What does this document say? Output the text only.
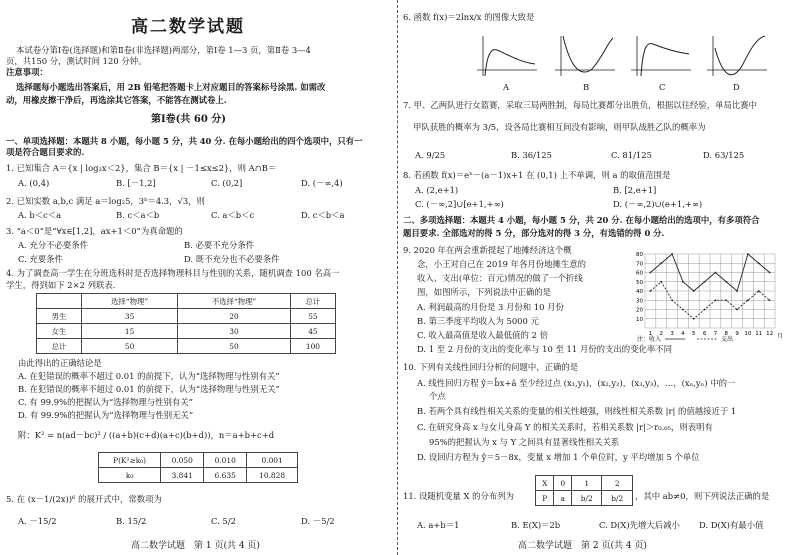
高二数学试题
本试卷分第Ⅰ卷(选择题)和第Ⅱ卷(非选择题)两部分，第Ⅰ卷 1—3 页，第Ⅱ卷 3—4
页，共150 分，测试时间 120 分钟。
注意事项：
选择题每小题选出答案后，用 2B 铅笔把答题卡上对应题目的答案标号涂黑. 如需改
动，用橡皮擦干净后，再选涂其它答案，不能答在测试卷上.
第Ⅰ卷(共 60 分)
一、单项选择题：本题共 8 小题，每小题 5 分，共 40 分. 在每小题给出的四个选项中，只有一
项是符合题目要求的.
1. 已知集合 A＝{x | log₂x＜2}，集合 B＝{x | －1≤x≤2}，则 A∩B＝
A. (0,4)	B. [－1,2]	C. (0,2]	D. (－∞,4)
2. 已知实数 a,b,c 满足 a＝log₂5，3ᵇ＝4.3，√3，则
A. b＜c＜a	B. c＜a＜b	C. a＜b＜c	D. c＜b＜a
3. “a＜0”是“∀x∈[1,2]，ax+1＜0”为真命题的
A. 充分不必要条件	B. 必要不充分条件
C. 充要条件	D. 既不充分也不必要条件
4. 为了调查高一学生在分班选科时是否选择物理科目与性别的关系，随机调查 100 名高一
学生，得到如下 2×2 列联表.
	选择“物理”	不选择“物理”	总计
男生	35	20	55
女生	15	30	45
总计	50	50	100
由此得出的正确结论是
A. 在犯错误的概率不超过 0.01 的前提下，认为“选择物理与性别有关”
B. 在犯错误的概率不超过 0.01 的前提下，认为“选择物理与性别无关”
C. 有 99.9%的把握认为“选择物理与性别有关”
D. 有 99.9%的把握认为“选择物理与性别无关”
附：K² = n(ad－bc)² / ((a+b)(c+d)(a+c)(b+d))，n＝a+b+c+d
P(K²≥k₀)	0.050	0.010	0.001
k₀	3.841	6.635	10.828
5. 在 (x－1/(2x))⁶ 的展开式中，常数项为
A. －15/2	B. 15/2	C. 5/2	D. －5/2
高二数学试题　第 1 页(共 4 页)
6. 函数 f(x)＝2lnx/x 的图像大致是
A	B	C	D
7. 甲、乙两队进行女篮赛，采取三局两胜制，每局比赛都分出胜负，根据以往经验，单局比赛中
甲队获胜的概率为 3/5，设各局比赛相互间没有影响，则甲队战胜乙队的概率为
A. 9/25	B. 36/125	C. 81/125	D. 63/125
8. 若函数 f(x)＝eˣ－(a－1)x+1 在 (0,1) 上不单调，则 a 的取值范围是
A. (2,e+1)	B. [2,e+1]
C. (－∞,2]∪[e+1,+∞)	D. (－∞,2)∪(e+1,+∞)
二、多项选择题：本题共 4 小题，每小题 5 分，共 20 分. 在每小题给出的选项中，有多项符合
题目要求. 全部选对的得 5 分，部分选对的得 3 分，有选错的得 0 分.
9. 2020 年在两会重新提起了地摊经济这个概
念，小王对自己在 2019 年各月份地摊生意的
收入、支出(单位：百元)情况的做了一个折线
图，如图所示，下列说法中正确的是
A. 利润最高的月份是 3 月份和 10 月份
B. 第三季度平均收入为 5000 元
C. 收入最高值是收入最低值的 2 倍
D. 1 至 2 月份的支出的变化率与 10 至 11 月份的支出的变化率不同
80
70
60
50
40
30
20
10
1 2 3 4 5 6 7 8 9 10 11 12 月
注：收入	支出
10. 下列有关线性回归分析的问题中，正确的是
A. 线性回归方程 ŷ＝b̂x+â 至少经过点 (x₁,y₁)，(x₂,y₂)，(x₃,y₃)，…，(xₙ,yₙ) 中的一
个点
B. 若两个具有线性相关关系的变量的相关性越强，则线性相关系数 |r| 的值越接近于 1
C. 在研究身高 x 与女儿身高 Y 的相关关系时，若相关系数 |r|＞r₀.₀₅，则表明有
95%的把握认为 x 与 Y 之间具有显著线性相关关系
D. 设回归方程为 ŷ＝5－8x，变量 x 增加 1 个单位时，y 平均增加 5 个单位
11. 设随机变量 X 的分布列为
X	0	1	2
P	a	b/2	b/2 ，其中 ab≠0，则下列说法正确的是
A. a+b＝1	B. E(X)＝2b	C. D(X)先增大后减小 D. D(X)有最小值
高二数学试题　第 2 页(共 4 页)
